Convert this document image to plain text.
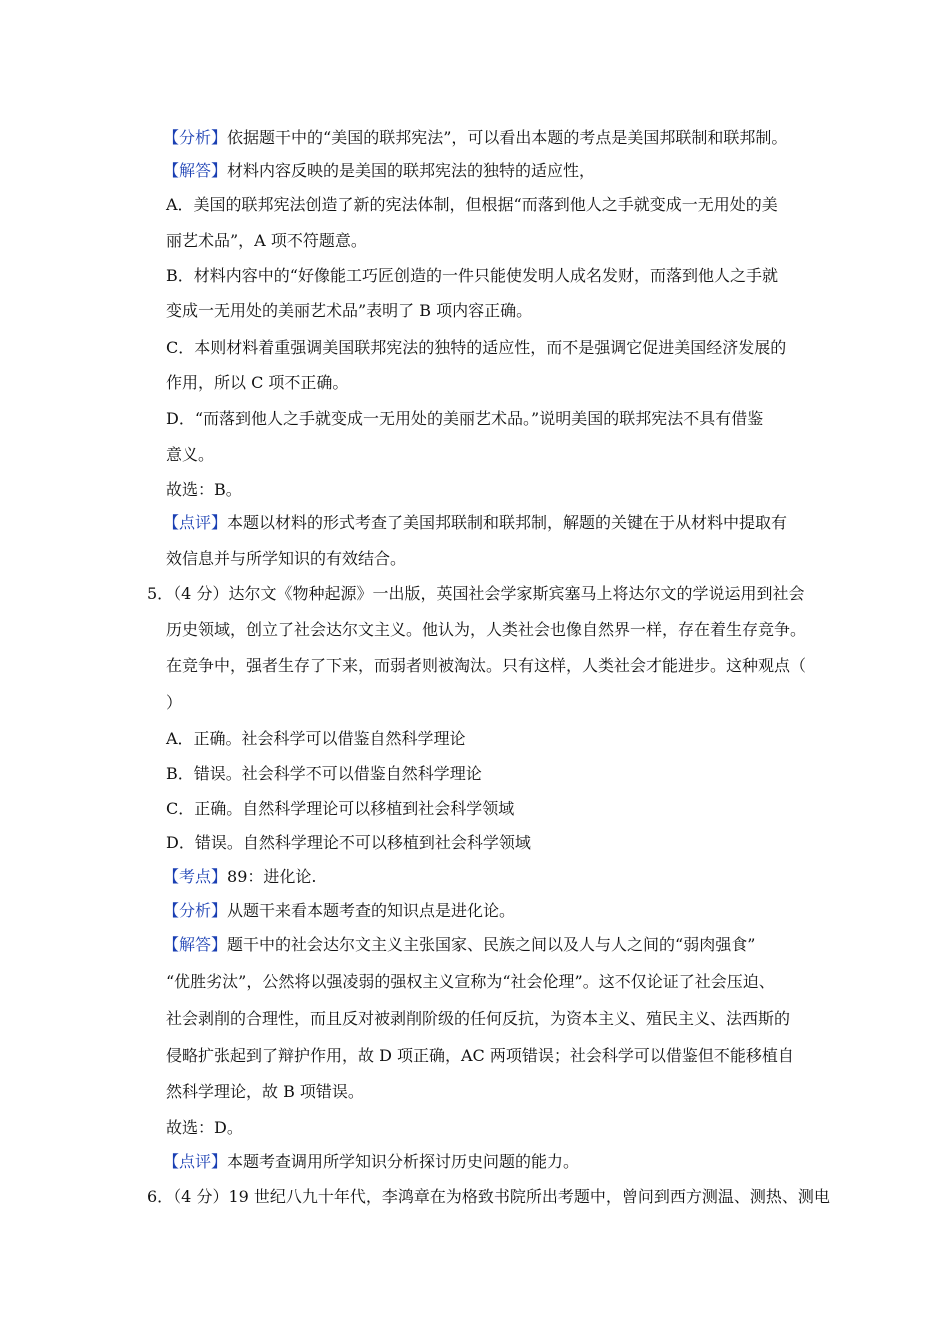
【分析】依据题干中的“美国的联邦宪法”，可以看出本题的考点是美国邦联制和联邦制。
【解答】材料内容反映的是美国的联邦宪法的独特的适应性，
A．美国的联邦宪法创造了新的宪法体制，但根据“而落到他人之手就变成一无用处的美
丽艺术品”，A 项不符题意。
B．材料内容中的“好像能工巧匠创造的一件只能使发明人成名发财，而落到他人之手就
变成一无用处的美丽艺术品”表明了 B 项内容正确。
C．本则材料着重强调美国联邦宪法的独特的适应性，而不是强调它促进美国经济发展的
作用，所以 C 项不正确。
D．“而落到他人之手就变成一无用处的美丽艺术品。”说明美国的联邦宪法不具有借鉴
意义。
故选：B。
【点评】本题以材料的形式考查了美国邦联制和联邦制，解题的关键在于从材料中提取有
效信息并与所学知识的有效结合。
5．（4 分）达尔文《物种起源》一出版，英国社会学家斯宾塞马上将达尔文的学说运用到社会
历史领域，创立了社会达尔文主义。他认为，人类社会也像自然界一样，存在着生存竞争。
在竞争中，强者生存了下来，而弱者则被淘汰。只有这样，人类社会才能进步。这种观点（
）
A．正确。社会科学可以借鉴自然科学理论
B．错误。社会科学不可以借鉴自然科学理论
C．正确。自然科学理论可以移植到社会科学领域
D．错误。自然科学理论不可以移植到社会科学领域
【考点】89：进化论.
【分析】从题干来看本题考查的知识点是进化论。
【解答】题干中的社会达尔文主义主张国家、民族之间以及人与人之间的“弱肉强食”
“优胜劣汰”，公然将以强凌弱的强权主义宣称为“社会伦理”。这不仅论证了社会压迫、
社会剥削的合理性，而且反对被剥削阶级的任何反抗，为资本主义、殖民主义、法西斯的
侵略扩张起到了辩护作用，故 D 项正确，AC 两项错误；社会科学可以借鉴但不能移植自
然科学理论，故 B 项错误。
故选：D。
【点评】本题考查调用所学知识分析探讨历史问题的能力。
6．（4 分）19 世纪八九十年代，李鸿章在为格致书院所出考题中，曾问到西方测温、测热、测电
